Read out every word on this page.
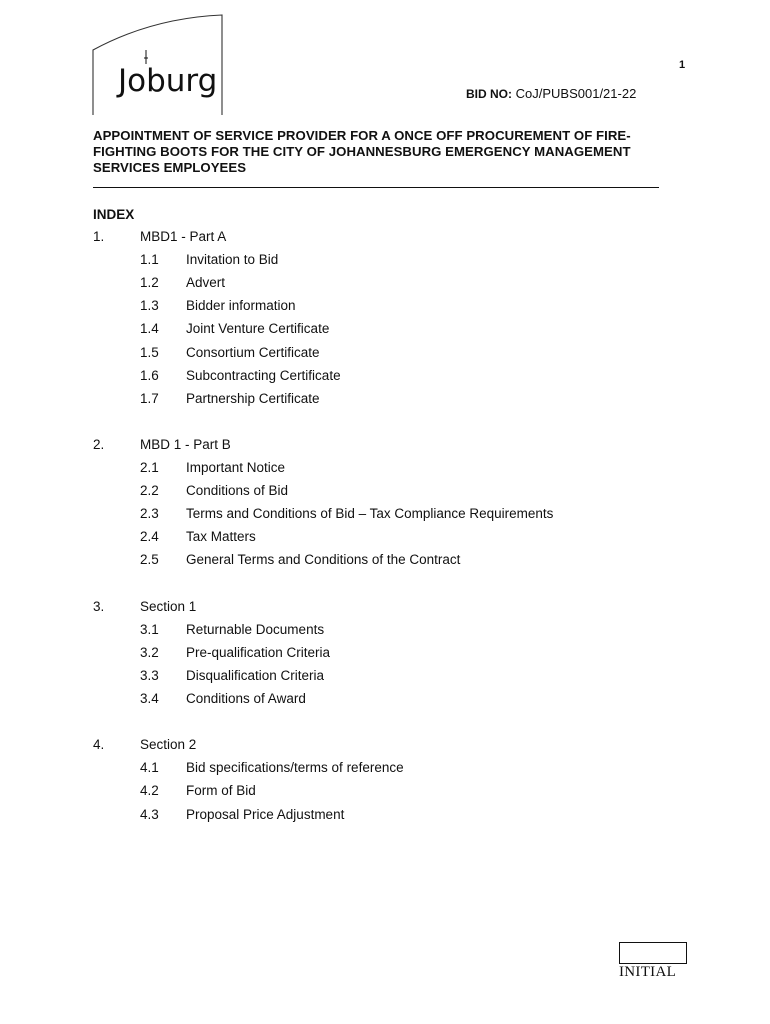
Joburg	1
BID NO: CoJ/PUBS001/21-22
APPOINTMENT OF SERVICE PROVIDER FOR A ONCE OFF PROCUREMENT OF FIRE-
FIGHTING BOOTS FOR THE CITY OF JOHANNESBURG EMERGENCY MANAGEMENT
SERVICES EMPLOYEES
INDEX
1.	MBD1 - Part A
1.1 Invitation to Bid
1.2 Advert
1.3 Bidder information
1.4 Joint Venture Certificate
1.5 Consortium Certificate
1.6 Subcontracting Certificate
1.7 Partnership Certificate
2.	MBD 1 - Part B
2.1 Important Notice
2.2 Conditions of Bid
2.3 Terms and Conditions of Bid – Tax Compliance Requirements
2.4 Tax Matters
2.5 General Terms and Conditions of the Contract
3.	Section 1
3.1 Returnable Documents
3.2 Pre-qualification Criteria
3.3 Disqualification Criteria
3.4 Conditions of Award
4.	Section 2
4.1 Bid specifications/terms of reference
4.2 Form of Bid
4.3 Proposal Price Adjustment
INITIAL
